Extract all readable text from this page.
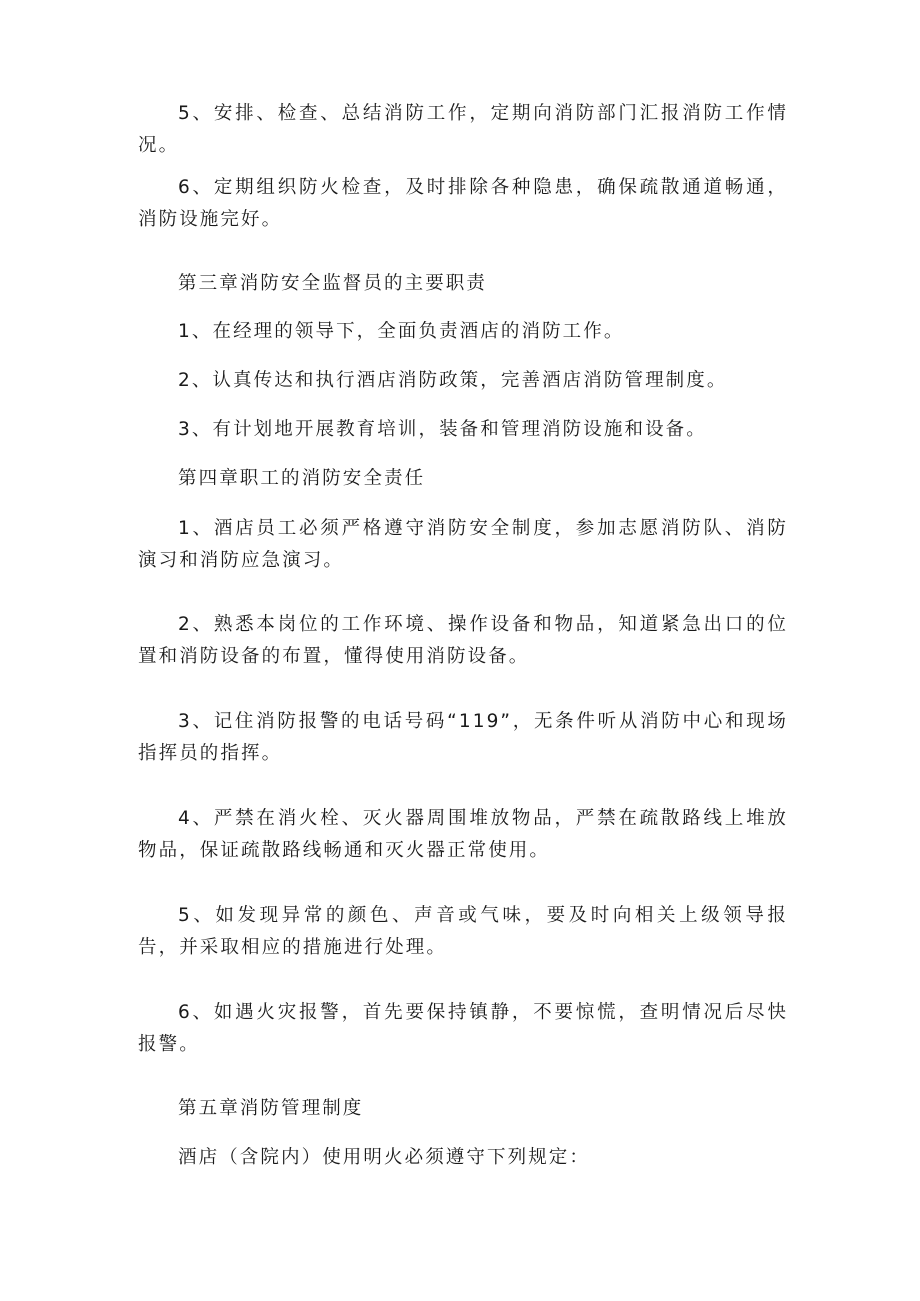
5、安排、检查、总结消防工作，定期向消防部门汇报消防工作情况。

6、定期组织防火检查，及时排除各种隐患，确保疏散通道畅通，消防设施完好。

第三章消防安全监督员的主要职责

1、在经理的领导下，全面负责酒店的消防工作。

2、认真传达和执行酒店消防政策，完善酒店消防管理制度。

3、有计划地开展教育培训，装备和管理消防设施和设备。

第四章职工的消防安全责任

1、酒店员工必须严格遵守消防安全制度，参加志愿消防队、消防演习和消防应急演习。

2、熟悉本岗位的工作环境、操作设备和物品，知道紧急出口的位置和消防设备的布置，懂得使用消防设备。

3、记住消防报警的电话号码“119”，无条件听从消防中心和现场指挥员的指挥。

4、严禁在消火栓、灭火器周围堆放物品，严禁在疏散路线上堆放物品，保证疏散路线畅通和灭火器正常使用。

5、如发现异常的颜色、声音或气味，要及时向相关上级领导报告，并采取相应的措施进行处理。

6、如遇火灾报警，首先要保持镇静，不要惊慌，查明情况后尽快报警。

第五章消防管理制度

酒店（含院内）使用明火必须遵守下列规定：
